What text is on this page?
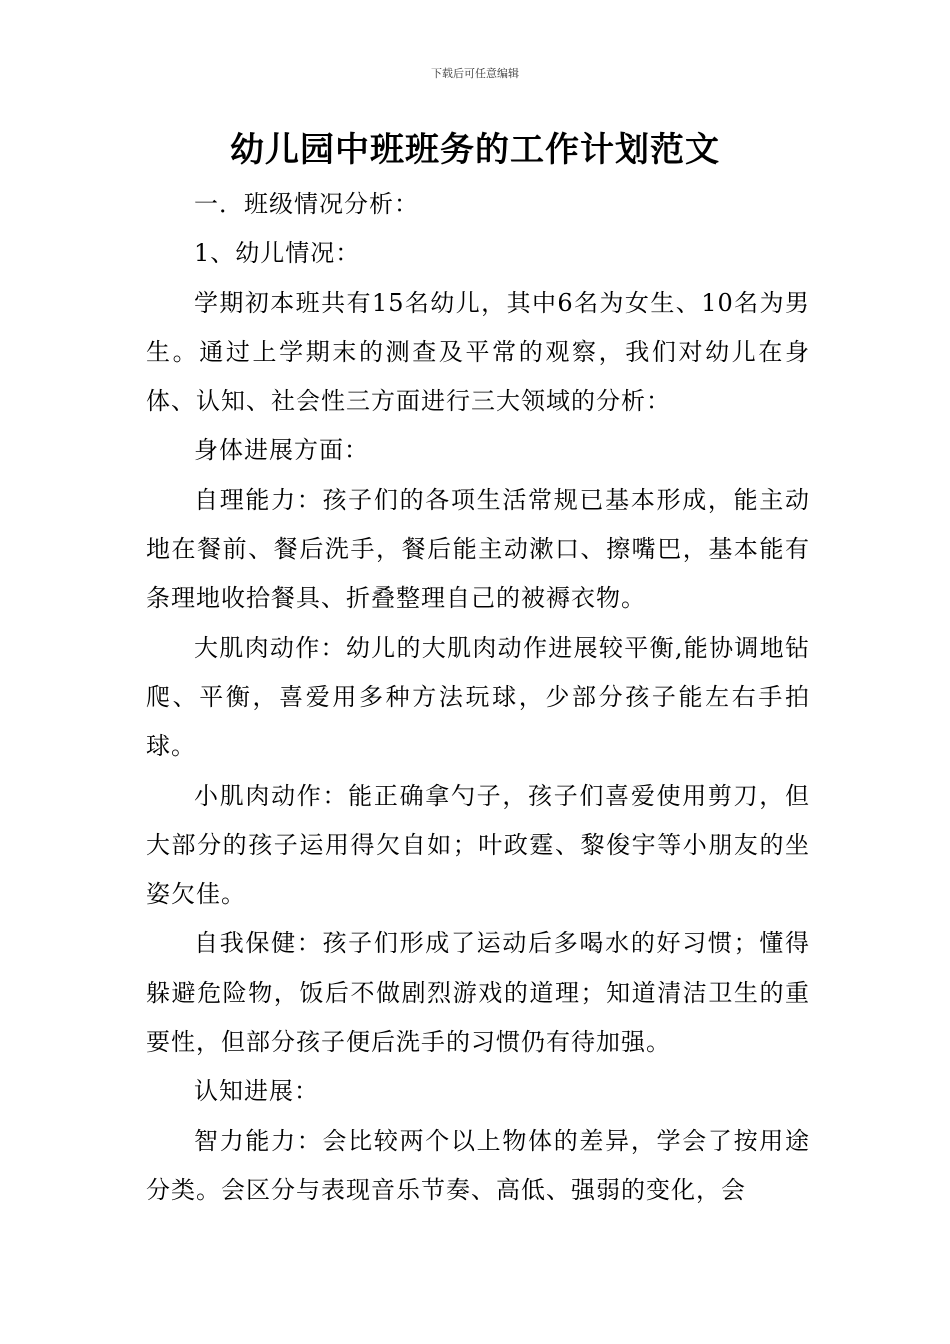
下载后可任意编辑
幼儿园中班班务的工作计划范文

一．班级情况分析：

1、幼儿情况：

学期初本班共有15名幼儿，其中6名为女生、10名为男生。通过上学期末的测查及平常的观察，我们对幼儿在身体、认知、社会性三方面进行三大领域的分析：

身体进展方面：

自理能力：孩子们的各项生活常规已基本形成，能主动地在餐前、餐后洗手，餐后能主动漱口、擦嘴巴，基本能有条理地收拾餐具、折叠整理自己的被褥衣物。

大肌肉动作：幼儿的大肌肉动作进展较平衡,能协调地钻爬、平衡，喜爱用多种方法玩球，少部分孩子能左右手拍球。

小肌肉动作：能正确拿勺子，孩子们喜爱使用剪刀，但大部分的孩子运用得欠自如；叶政霆、黎俊宇等小朋友的坐姿欠佳。

自我保健：孩子们形成了运动后多喝水的好习惯；懂得躲避危险物，饭后不做剧烈游戏的道理；知道清洁卫生的重要性，但部分孩子便后洗手的习惯仍有待加强。

认知进展：

智力能力：会比较两个以上物体的差异，学会了按用途分类。会区分与表现音乐节奏、高低、强弱的变化，会
